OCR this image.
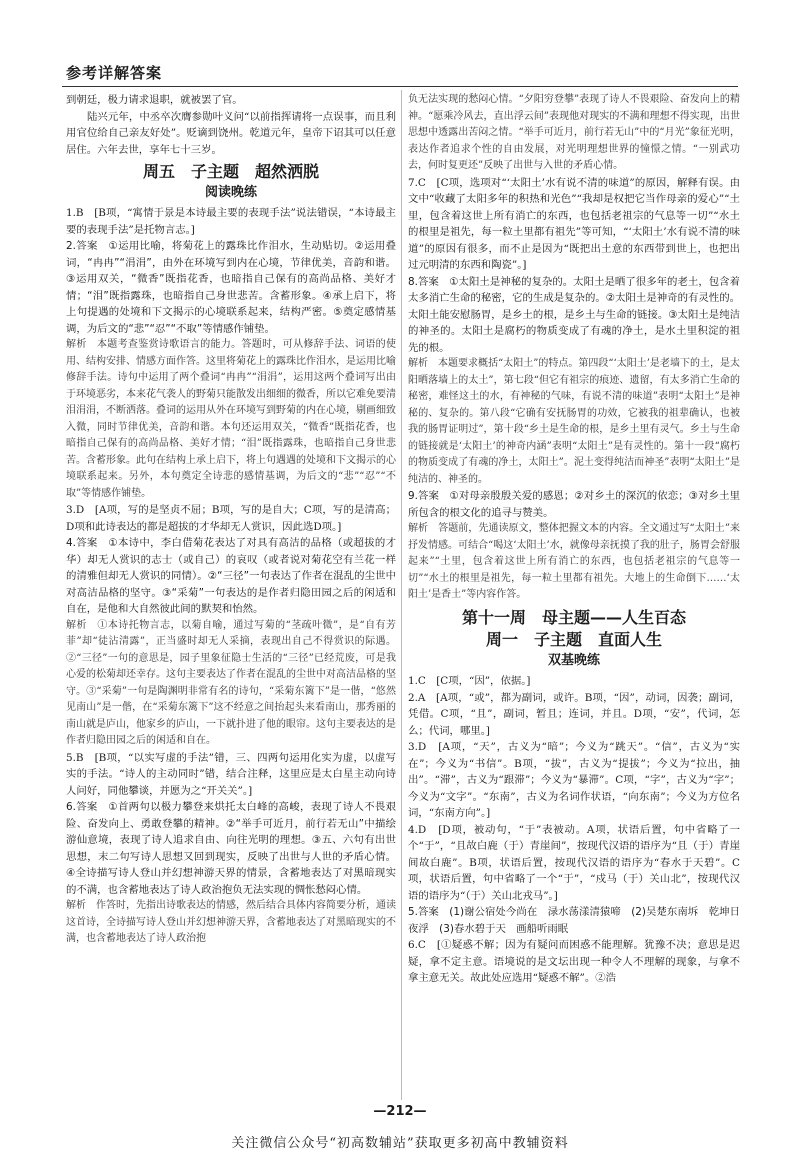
参考详解答案

到朝廷，极力请求退职，就被罢了官。

　　陆兴元年，中丞卒次膺参勋叶义问“以前指挥请将一点误事，而且利用官位给自己亲友好处”。贬谪到饶州。乾道元年，皇帝下诏其可以任意居住。六年去世，享年七十三岁。

周五　子主题　超然洒脱
阅读晚练

1.B　[B项，“寓情于景是本诗最主要的表现手法”说法错误，“本诗最主要的表现手法”是托物言志。]

2.答案　①运用比喻，将菊花上的露珠比作泪水，生动贴切。②运用叠词，“冉冉”“涓涓”，由外在环境写到内在心境，节律优美，音韵和谐。③运用双关，“微香”既指花香，也暗指自己保有的高尚品格、美好才情；“泪”既指露珠，也暗指自己身世悲苦。含蓄形象。④承上启下，将上句提遇的处境和下文揭示的心境联系起来，结构严密。⑤奠定感情基调，为后文的“悲”“忍”“不取”等情感作铺垫。

解析　本题考查鉴赏诗歌语言的能力。答题时，可从修辞手法、词语的使用、结构安排、情感方面作答。这里将菊花上的露珠比作泪水，是运用比喻修辞手法。诗句中运用了两个叠词“冉冉”“涓涓”，运用这两个叠词写出由于环境恶劣，本来花气袭人的野菊只能散发出细细的微香，所以它难免要清泪涓涓，不断洒落。叠词的运用从外在环境写到野菊的内在心境，剔画细致入微，同时节律优美，音韵和谐。本句还运用双关，“微香”既指花香，也暗指自己保有的高尚品格、美好才情；“泪”既指露珠，也暗指自己身世悲苦。含蓄形象。此句在结构上承上启下，将上句遇遇的处境和下文揭示的心境联系起来。另外，本句奠定全诗悲的感情基调，为后文的“悲”“忍”“不取”等情感作铺垫。

3.D　[A项，写的是坚贞不屈；B项，写的是自大；C项，写的是清高；D项和此诗表达的都是超拔的才华却无人赏识，因此选D项。]

4.答案　①本诗中，李白借菊花表达了对具有高洁的品格（或超拔的才华）却无人赏识的志士（或自己）的哀叹（或者说对菊花空有兰花一样的清雅但却无人赏识的同情）。②“三径”一句表达了作者在混乱的尘世中对高洁品格的坚守。③“采菊”一句表达的是作者归隐田园之后的闲适和自在，是他和大自然彼此间的默契和怡然。

解析　①本诗托物言志，以菊自喻，通过写菊的“茎疏叶微”，是“自有芳菲”却“徒沾清露”，正当盛时却无人采摘，表现出自己不得赏识的际遇。②“三径”一句的意思是，园子里象征隐士生活的“三径”已经荒废，可是我心爱的松菊却还幸存。这句主要表达了作者在混乱的尘世中对高洁品格的坚守。③“采菊”一句是陶渊明非常有名的诗句，“采菊东篱下”是一偕，“悠然见南山”是一偕，在“采菊东篱下”这不经意之间抬起头来看南山，那秀丽的南山就是庐山，他家乡的庐山，一下就扑进了他的眼帘。这句主要表达的是作者归隐田园之后的闲适和自在。

5.B　[B项，“以实写虚的手法”错，三、四两句运用化实为虚，以虚写实的手法。“诗人的主动同时”错，结合注释，这里应是太白星主动向诗人问好，同他攀谈，并愿为之“开关关”。]

6.答案　①首两句以极力攀登来烘托太白峰的高峻，表现了诗人不畏艰险、奋发向上、勇敢登攀的精神。②“举手可近月，前行若无山”中描绘游仙意境，表现了诗人追求自由、向往光明的理想。③五、六句有出世思想，末二句写诗人思想又回到现实，反映了出世与人世的矛盾心情。④全诗描写诗人登山并幻想神游天界的情景，含蓄地表达了对黑暗现实的不满，也含蓄地表达了诗人政治抱负无法实现的惆怅愁闷心情。

解析　作答时，先指出诗歌表达的情感，然后结合具体内容简要分析，通读这首诗，全诗描写诗人登山并幻想神游天界，含蓄地表达了对黑暗现实的不满，也含蓄地表达了诗人政治抱

负无法实现的愁闷心情。“夕阳穷登攀”表现了诗人不畏艰险、奋发向上的精神。“愿乘冷风去，直出浮云间”表现他对现实的不满和理想不得实现，出世思想中透露出苦闷之情。“举手可近月，前行若无山”中的“月光”象征光明，表达作者追求个性的自由发展，对光明理想世界的憧憬之情。“一别武功去，何时复更还”反映了出世与入世的矛盾心情。

7.C　[C项，选项对“‘太阳土’水有说不清的味道”的原因，解释有误。由文中“收藏了太阳多年的积热和光色”“我却是权把它当作母亲的爱心”“土里，包含着这世上所有消亡的东西，也包括老祖宗的气息等一切”“水土的根里是祖先，每一粒土里都有祖先”等可知，“‘太阳土’水有说不清的味道”的原因有很多，而不止是因为“既把出土意的东西带到世上，也把出过元明清的东西和陶瓷”。]

8.答案　①太阳土是神秘的复杂的。太阳土是晒了很多年的老土，包含着太多消亡生命的秘密，它的生成是复杂的。②太阳土是神奇的有灵性的。太阳土能安慰肠胃，是乡土的根，是乡土与生命的链接。③太阳土是纯洁的神圣的。太阳土是腐朽的物质变成了有魂的净土，是水土里积淀的祖先的根。

解析　本题要求概括“太阳土”的特点。第四段“‘太阳土’是老墙下的土，是太阳晒落墙上的太土”，第七段“但它有祖宗的痕迹、遗留，有太多消亡生命的秘密，难怪这土的水，有神秘的气味，有说不清的味道”表明“太阳土”是神秘的、复杂的。第八段“它确有安抚肠胃的功效，它被我的祖辈确认，也被我的肠胃证明过”，第十段“乡土是生命的根，是乡土里有灵气。乡土与生命的链接就是‘太阳土’的神奇内涵”表明“太阳土”是有灵性的。第十一段“腐朽的物质变成了有魂的净土，太阳土”。泥土变得纯洁而神圣”表明“太阳土”是纯洁的、神圣的。

9.答案　①对母亲殷殷关爱的感恩；②对乡土的深沉的依恋；③对乡土里所包含的根文化的追寻与赞美。

解析　答题前，先通读原文，整体把握文本的内容。全文通过写“太阳土”来抒发情感。可结合“喝这‘太阳土’水，就像母亲抚摸了我的肚子，肠胃会舒服起来”“土里，包含着这世上所有消亡的东西，也包括老祖宗的气息等一切”“水土的根里是祖先，每一粒土里都有祖先。大地上的生命倒下……‘太阳土’是香土”等内容作答。

第十一周　母主题——人生百态
周一　子主题　直面人生
双基晚练

1.C　[C项，“因”，依据。]

2.A　[A项，“或”，都为副词，或许。B项，“因”，动词，因袭；副词，凭借。C项，“且”，副词，暂且；连词，并且。D项，“安”，代词，怎么；代词，哪里。]

3.D　[A项，“天”，古义为“暗”；今义为“跳天”。“信”，古义为“实在”；今义为“书信”。B项，“拔”，古义为“提拔”；今义为“拉出，抽出”。“滞”，古义为“跟滞”；今义为“暴滞”。C项，“字”，古义为“字”；今义为“文字”。“东南”，古义为名词作状语，“向东南”；今义为方位名词，“东南方向”。]

4.D　[D项，被动句，“于”表被动。A项，状语后置，句中省略了一个“于”，“且故白鹿（于）青崖间”，按现代汉语的语序为“且（于）青崖间故白鹿”。B项，状语后置，按现代汉语的语序为“春水于天碧”。C项，状语后置，句中省略了一个“于”，“戍马（于）关山北”，按现代汉语的语序为“（于）关山北戎马”。]

5.答案　(1)谢公宿处今尚在　渌水荡漾清猿啼　(2)吴楚东南坼　乾坤日夜浮　(3)春水碧于天　画船听雨眠

6.C　[①疑惑不解；因为有疑问而困惑不能理解。犹豫不决；意思是迟疑，拿不定主意。语境说的是文坛出现一种令人不理解的现象，与拿不拿主意无关。故此处应选用“疑惑不解”。②浩

—212—
关注微信公众号“初高数辅站”获取更多初高中教辅资料
